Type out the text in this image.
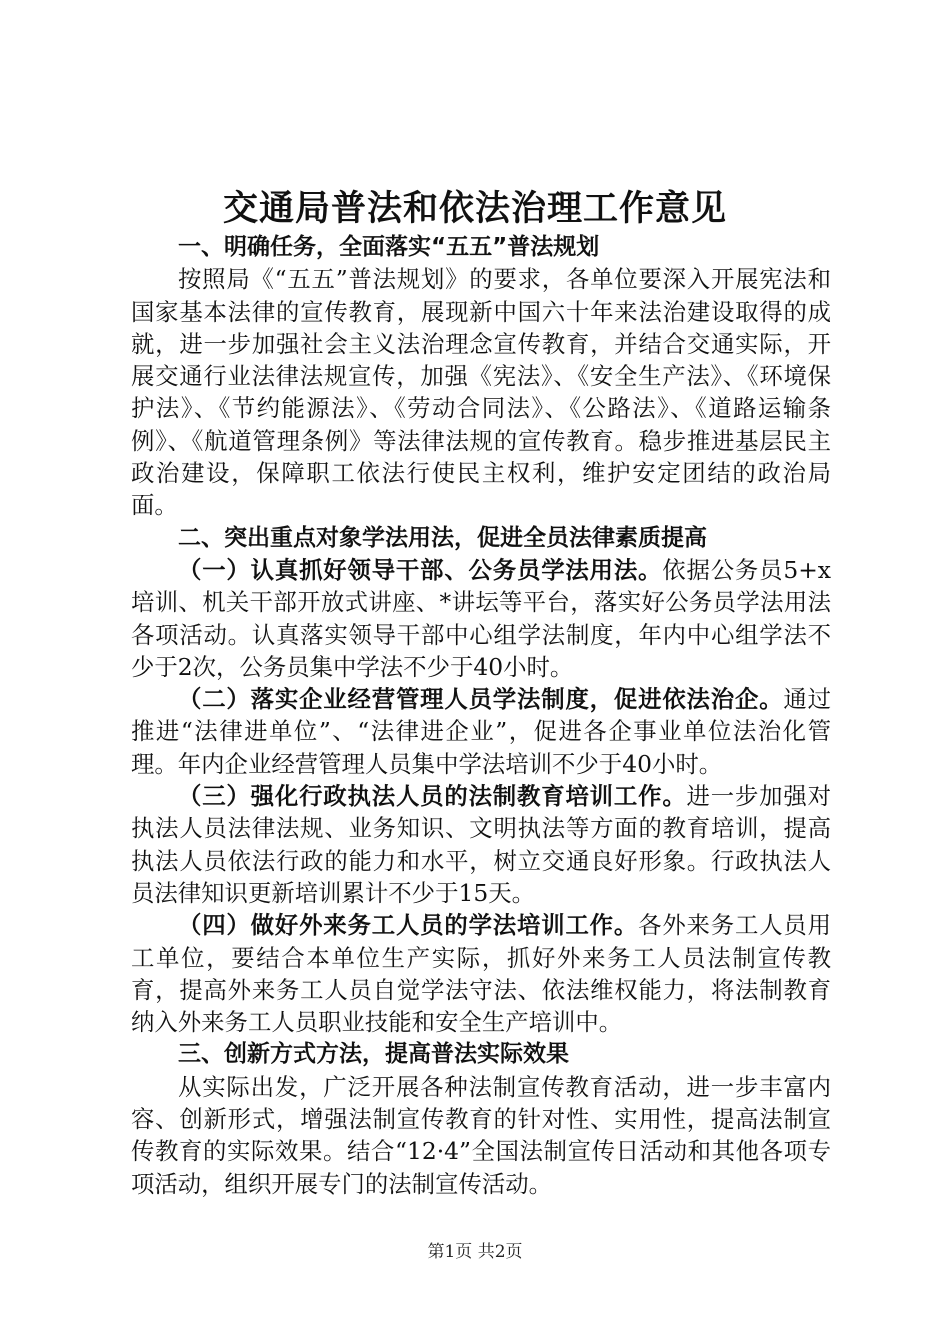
交通局普法和依法治理工作意见

一、明确任务，全面落实“五五”普法规划

按照局《“五五”普法规划》的要求，各单位要深入开展宪法和国家基本法律的宣传教育，展现新中国六十年来法治建设取得的成就，进一步加强社会主义法治理念宣传教育，并结合交通实际，开展交通行业法律法规宣传，加强《宪法》、《安全生产法》、《环境保护法》、《节约能源法》、《劳动合同法》、《公路法》、《道路运输条例》、《航道管理条例》等法律法规的宣传教育。稳步推进基层民主政治建设，保障职工依法行使民主权利，维护安定团结的政治局面。

二、突出重点对象学法用法，促进全员法律素质提高

（一）认真抓好领导干部、公务员学法用法。依据公务员5+x培训、机关干部开放式讲座、*讲坛等平台，落实好公务员学法用法各项活动。认真落实领导干部中心组学法制度，年内中心组学法不少于2次，公务员集中学法不少于40小时。

（二）落实企业经营管理人员学法制度，促进依法治企。通过推进“法律进单位”、“法律进企业”，促进各企事业单位法治化管理。年内企业经营管理人员集中学法培训不少于40小时。

（三）强化行政执法人员的法制教育培训工作。进一步加强对执法人员法律法规、业务知识、文明执法等方面的教育培训，提高执法人员依法行政的能力和水平，树立交通良好形象。行政执法人员法律知识更新培训累计不少于15天。

（四）做好外来务工人员的学法培训工作。各外来务工人员用工单位，要结合本单位生产实际，抓好外来务工人员法制宣传教育，提高外来务工人员自觉学法守法、依法维权能力，将法制教育纳入外来务工人员职业技能和安全生产培训中。

三、创新方式方法，提高普法实际效果

从实际出发，广泛开展各种法制宣传教育活动，进一步丰富内容、创新形式，增强法制宣传教育的针对性、实用性，提高法制宣传教育的实际效果。结合“12·4”全国法制宣传日活动和其他各项专项活动，组织开展专门的法制宣传活动。

第1页 共2页
